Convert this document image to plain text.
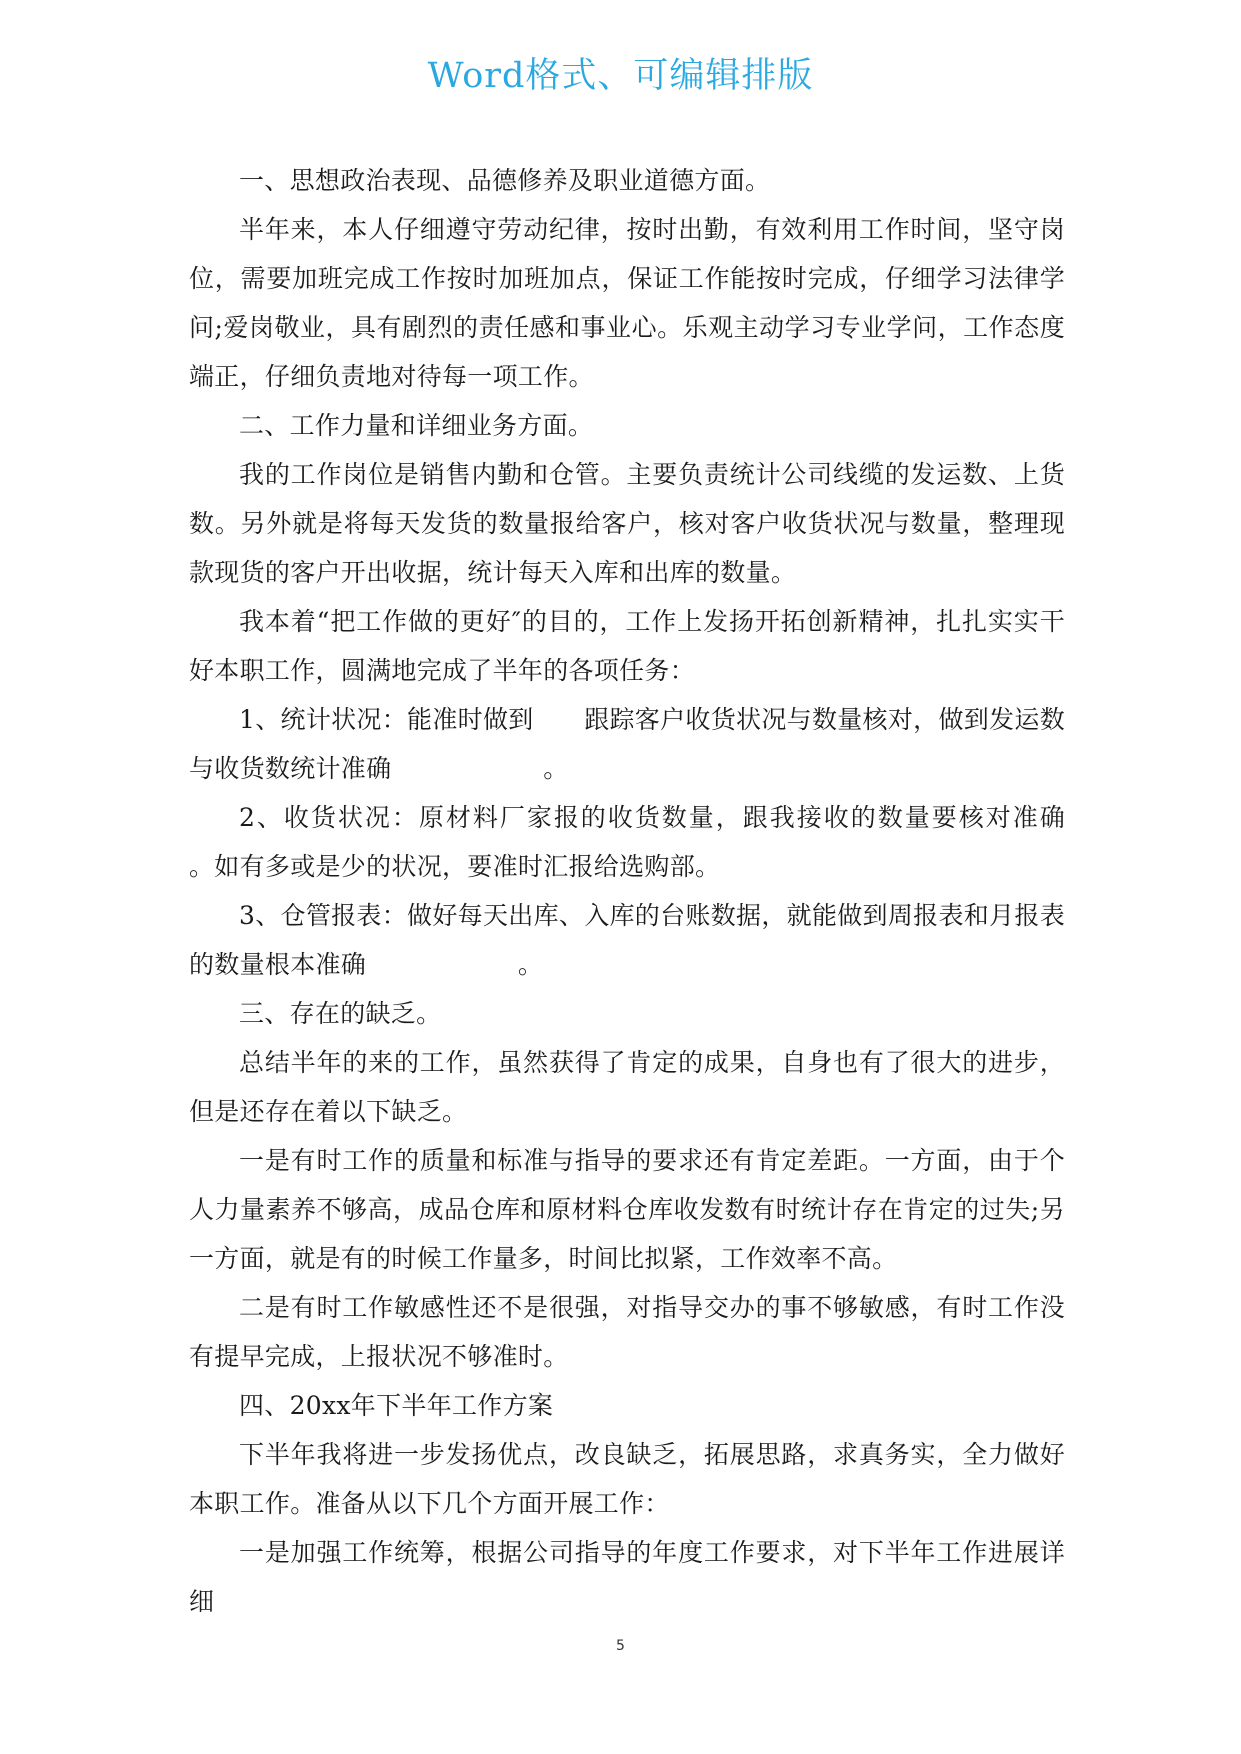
Word格式、可编辑排版

一、思想政治表现、品德修养及职业道德方面。

半年来，本人仔细遵守劳动纪律，按时出勤，有效利用工作时间，坚守岗位，需要加班完成工作按时加班加点，保证工作能按时完成，仔细学习法律学问;爱岗敬业，具有剧烈的责任感和事业心。乐观主动学习专业学问，工作态度端正，仔细负责地对待每一项工作。

二、工作力量和详细业务方面。

我的工作岗位是销售内勤和仓管。主要负责统计公司线缆的发运数、上货数。另外就是将每天发货的数量报给客户，核对客户收货状况与数量，整理现款现货的客户开出收据，统计每天入库和出库的数量。

我本着“把工作做的更好″的目的，工作上发扬开拓创新精神，扎扎实实干好本职工作，圆满地完成了半年的各项任务：

1、统计状况：能准时做到　　跟踪客户收货状况与数量核对，做到发运数与收货数统计准确　　　　　　。

2、收货状况：原材料厂家报的收货数量，跟我接收的数量要核对准确　　　　　　。如有多或是少的状况，要准时汇报给选购部。

3、仓管报表：做好每天出库、入库的台账数据，就能做到周报表和月报表的数量根本准确　　　　　　。

三、存在的缺乏。

总结半年的来的工作，虽然获得了肯定的成果，自身也有了很大的进步，但是还存在着以下缺乏。

一是有时工作的质量和标准与指导的要求还有肯定差距。一方面，由于个人力量素养不够高，成品仓库和原材料仓库收发数有时统计存在肯定的过失;另一方面，就是有的时候工作量多，时间比拟紧，工作效率不高。

二是有时工作敏感性还不是很强，对指导交办的事不够敏感，有时工作没有提早完成，上报状况不够准时。

四、20xx年下半年工作方案

下半年我将进一步发扬优点，改良缺乏，拓展思路，求真务实，全力做好本职工作。准备从以下几个方面开展工作：

一是加强工作统筹，根据公司指导的年度工作要求，对下半年工作进展详细

5
